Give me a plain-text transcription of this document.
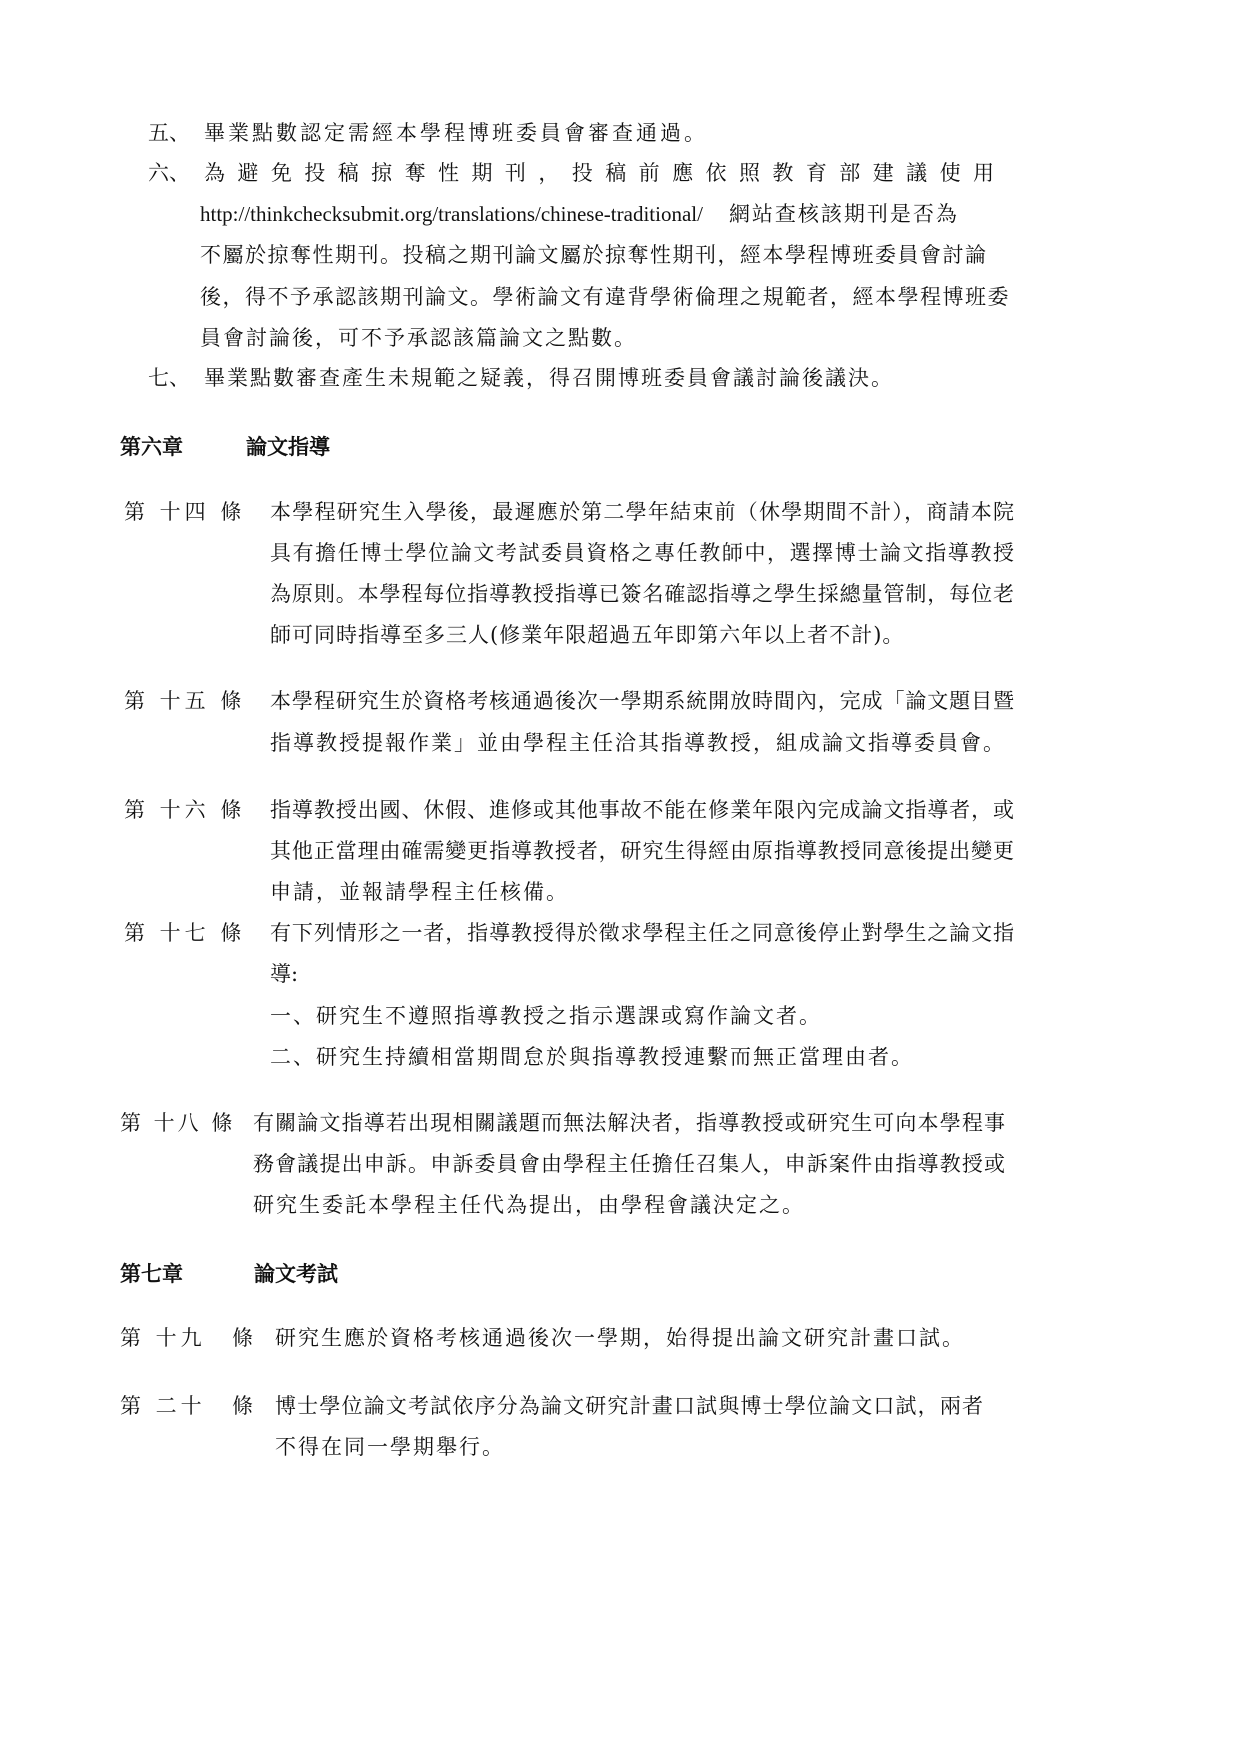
五、 畢業點數認定需經本學程博班委員會審查通過。
六、 為避免投稿掠奪性期刊，投稿前應依照教育部建議使用
http://thinkchecksubmit.org/translations/chinese-traditional/ 網站查核該期刊是否為
不屬於掠奪性期刊。投稿之期刊論文屬於掠奪性期刊，經本學程博班委員會討論
後，得不予承認該期刊論文。學術論文有違背學術倫理之規範者，經本學程博班委
員會討論後，可不予承認該篇論文之點數。
七、 畢業點數審查產生未規範之疑義，得召開博班委員會議討論後議決。
第六章	論文指導
第 十四 條 本學程研究生入學後，最遲應於第二學年結束前（休學期間不計），商請本院
具有擔任博士學位論文考試委員資格之專任教師中，選擇博士論文指導教授
為原則。本學程每位指導教授指導已簽名確認指導之學生採總量管制，每位老
師可同時指導至多三人(修業年限超過五年即第六年以上者不計)。
第 十五 條 本學程研究生於資格考核通過後次一學期系統開放時間內，完成「論文題目暨
指導教授提報作業」並由學程主任洽其指導教授，組成論文指導委員會。
第 十六 條 指導教授出國、休假、進修或其他事故不能在修業年限內完成論文指導者，或
其他正當理由確需變更指導教授者，研究生得經由原指導教授同意後提出變更
申請，並報請學程主任核備。
第 十七 條 有下列情形之一者，指導教授得於徵求學程主任之同意後停止對學生之論文指
導:
一、研究生不遵照指導教授之指示選課或寫作論文者。
二、研究生持續相當期間怠於與指導教授連繫而無正當理由者。
第 十八 條 有關論文指導若出現相關議題而無法解決者，指導教授或研究生可向本學程事
務會議提出申訴。申訴委員會由學程主任擔任召集人，申訴案件由指導教授或
研究生委託本學程主任代為提出，由學程會議決定之。
第七章	論文考試
第 十九 條 研究生應於資格考核通過後次一學期，始得提出論文研究計畫口試。
第 二十 條 博士學位論文考試依序分為論文研究計畫口試與博士學位論文口試，兩者
不得在同一學期舉行。
